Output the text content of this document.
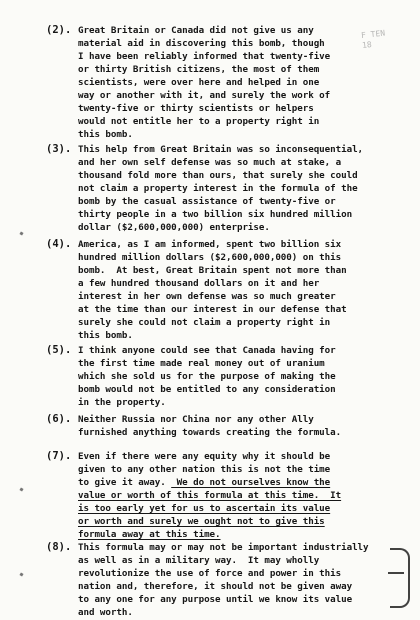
F TEN
18
(2). Great Britain or Canada did not give us any
material aid in discovering this bomb, though
I have been reliably informed that twenty-five
or thirty British citizens, the most of them
scientists, were over here and helped in one
way or another with it, and surely the work of
twenty-five or thirty scientists or helpers
would not entitle her to a property right in
this bomb.
(3). This help from Great Britain was so inconsequential,
and her own self defense was so much at stake, a
thousand fold more than ours, that surely she could
not claim a property interest in the formula of the
bomb by the casual assistance of twenty-five or
thirty people in a two billion six hundred million
dollar ($2,600,000,000) enterprise.
(4). America, as I am informed, spent two billion six
hundred million dollars ($2,600,000,000) on this
bomb.  At best, Great Britain spent not more than
a few hundred thousand dollars on it and her
interest in her own defense was so much greater
at the time than our interest in our defense that
surely she could not claim a property right in
this bomb.
(5). I think anyone could see that Canada having for
the first time made real money out of uranium
which she sold us for the purpose of making the
bomb would not be entitled to any consideration
in the property.
(6). Neither Russia nor China nor any other Ally
furnished anything towards creating the formula.
(7). Even if there were any equity why it should be
given to any other nation this is not the time
to give it away.  We do not ourselves know the
value or worth of this formula at this time.  It
is too early yet for us to ascertain its value
or worth and surely we ought not to give this
formula away at this time.
(8). This formula may or may not be important industrially
as well as in a military way.  It may wholly
revolutionize the use of force and power in this
nation and, therefore, it should not be given away
to any one for any purpose until we know its value
and worth.
